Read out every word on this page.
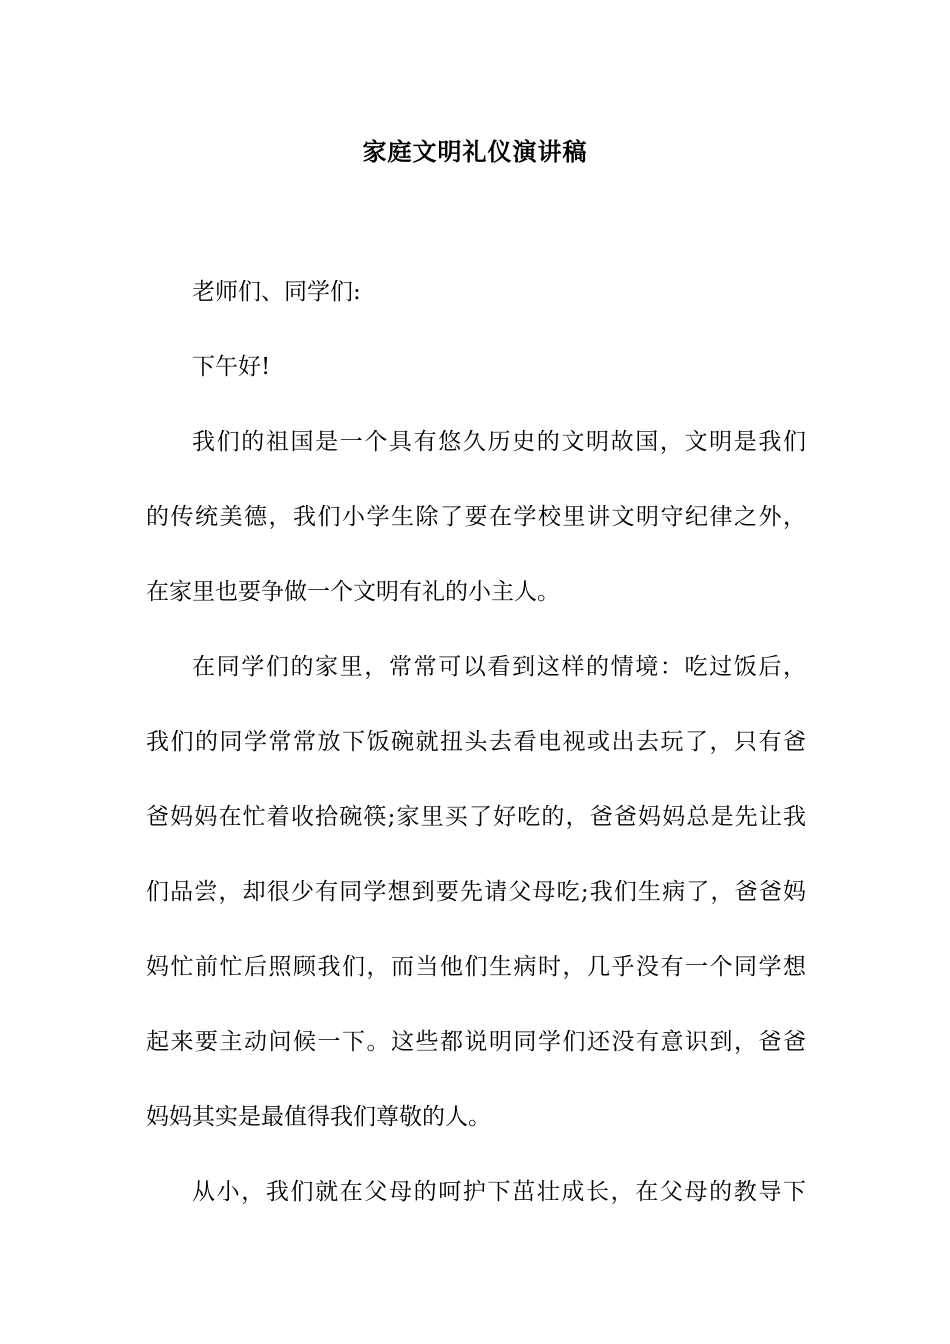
家庭文明礼仪演讲稿
老师们、同学们:
下午好!
我们的祖国是一个具有悠久历史的文明故国，文明是我们
的传统美德，我们小学生除了要在学校里讲文明守纪律之外，
在家里也要争做一个文明有礼的小主人。
在同学们的家里，常常可以看到这样的情境：吃过饭后，
我们的同学常常放下饭碗就扭头去看电视或出去玩了，只有爸
爸妈妈在忙着收拾碗筷;家里买了好吃的，爸爸妈妈总是先让我
们品尝，却很少有同学想到要先请父母吃;我们生病了，爸爸妈
妈忙前忙后照顾我们，而当他们生病时，几乎没有一个同学想
起来要主动问候一下。这些都说明同学们还没有意识到，爸爸
妈妈其实是最值得我们尊敬的人。
从小，我们就在父母的呵护下茁壮成长，在父母的教导下
